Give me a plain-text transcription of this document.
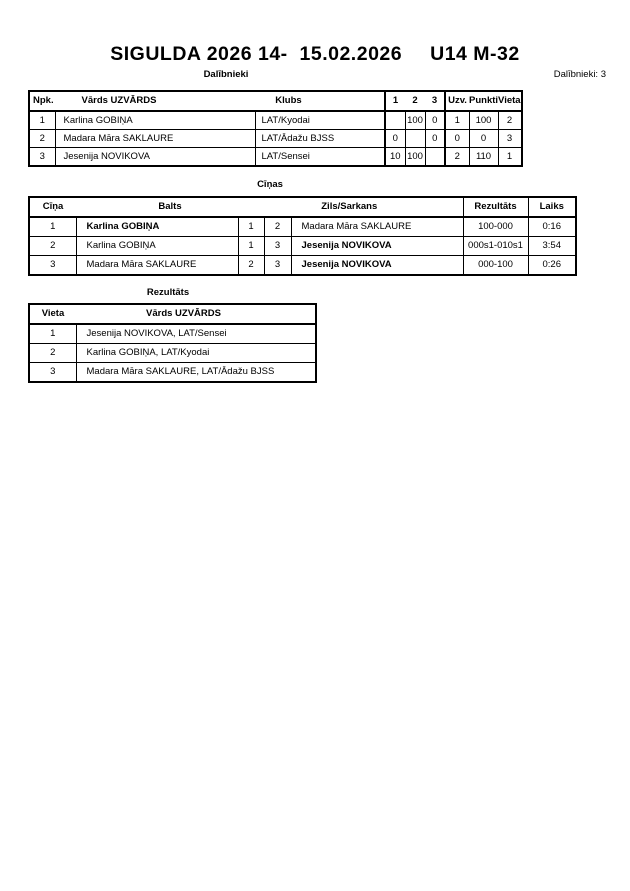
SIGULDA 2026 14-  15.02.2026 U14 M-32
Dalībnieki	Dalībnieki: 3
Npk.	Vārds UZVĀRDS	Klubs	1	2	3	Uzv.	Punkti	Vieta
1	Karlina GOBIŅA	LAT/Kyodai		100	0	1	100	2
2	Madara Māra SAKLAURE	LAT/Ādažu BJSS	0		0	0	0	3
3	Jesenija NOVIKOVA	LAT/Sensei	10	100		2	110	1
Cīņas
Cīņa	Balts		Zils/Sarkans		Rezultāts	Laiks
1	Karlina GOBIŅA	1	2	Madara Māra SAKLAURE	100-000	0:16
2	Karlina GOBIŅA	1	3	Jesenija NOVIKOVA	000s1-010s1	3:54
3	Madara Māra SAKLAURE	2	3	Jesenija NOVIKOVA	000-100	0:26
Rezultāts
Vieta	Vārds UZVĀRDS
1	Jesenija NOVIKOVA, LAT/Sensei
2	Karlina GOBIŅA, LAT/Kyodai
3	Madara Māra SAKLAURE, LAT/Ādažu BJSS
